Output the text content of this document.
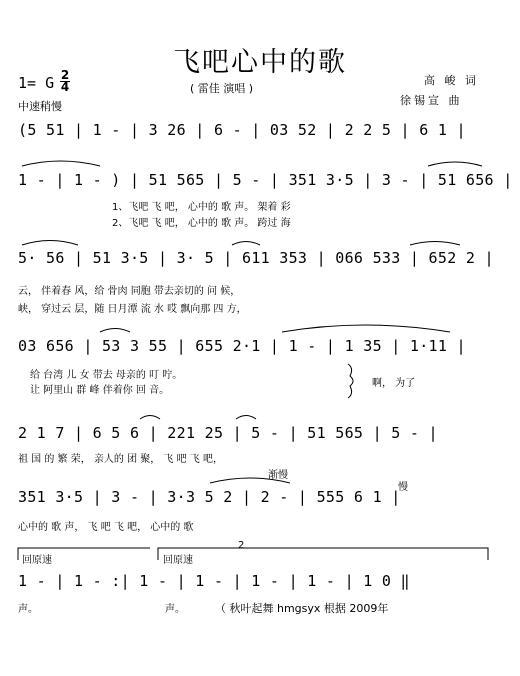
飞吧心中的歌
( 雷佳 演唱 )
高 峻 词
徐锡宣 曲
1= G 2
4
中速稍慢
(5 51 | 1 - | 3 26 | 6 - | 03 52 | 2 2 5 | 6 1 |
1 - | 1 - ) | 51 565 | 5 - | 351 3·5 | 3 - | 51 656 |
5· 56 | 51 3·5 | 3· 5 | 611 353 | 066 533 | 652 2 |
03 656 | 53 3 55 | 655 2·1 | 1 - | 1 35 | 1·11 |
2 1 7 | 6 5 6 | 221 25 | 5 - | 51 565 | 5 - |
351 3·5 | 3 - | 3·3 5 2 | 2 - | 555 6 1 |
1 - | 1 - :| 1 - | 1 - | 1 - | 1 - | 1 0 ‖
1、飞吧 飞 吧， 心中的 歌 声。 架着 彩
2、飞吧 飞 吧， 心中的 歌 声。 跨过 海
云， 伴着春 风，给 骨肉 同胞 带去亲切的 问 候，
峡， 穿过云 层，随 日月潭 流 水 哎 飘向那 四 方，
给 台湾 儿 女 带去 母亲的 叮 咛。
让 阿里山 群 峰 伴着你 回 音。
啊， 为了
祖 国 的 繁 荣， 亲人的 团 聚， 飞 吧 飞 吧，
心中的 歌 声， 飞 吧 飞 吧， 心中的 歌
声。	声。
渐慢
慢
回原速	回原速
2
（ 秋叶起舞 hmgsyx 根据 2009年
